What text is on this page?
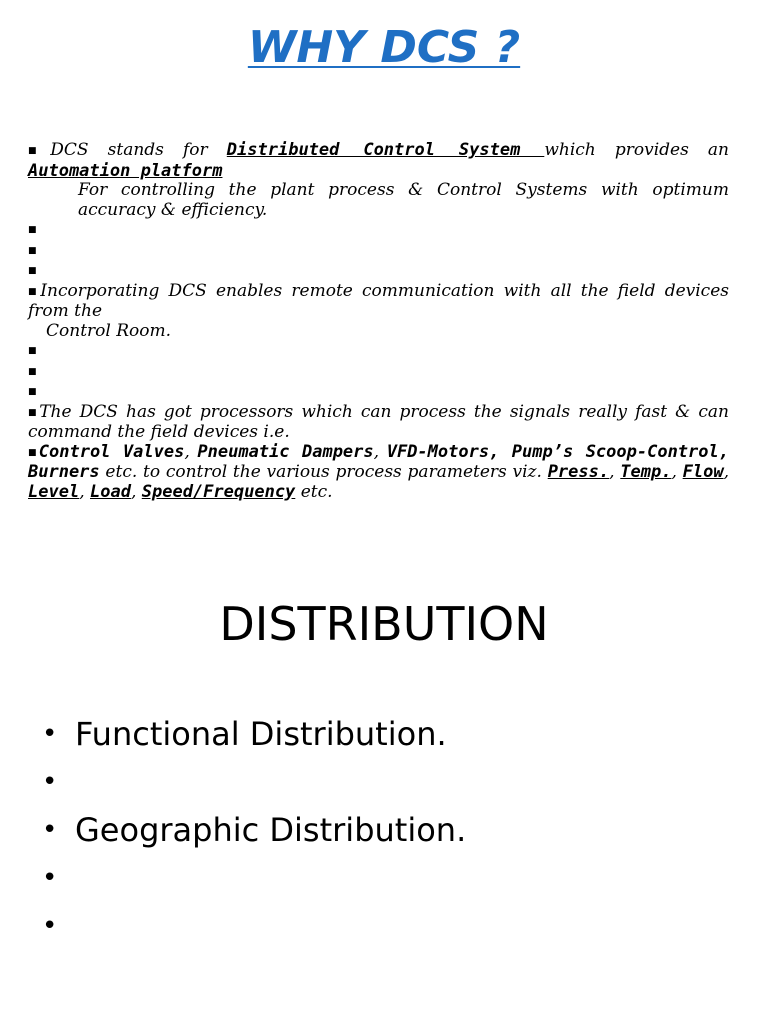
WHY DCS ?

■DCS stands for Distributed Control System which provides an

Automation platform

For controlling the plant process & Control Systems with optimum accuracy & efficiency.

■

■

■

■Incorporating DCS enables remote communication with all the field devices from the

Control Room.

■

■

■

■The DCS has got processors which can process the signals really fast & can command the field devices i.e.

■Control Valves, Pneumatic Dampers, VFD-Motors, Pump’s Scoop-Control, Burners etc. to control the various process parameters viz. Press., Temp., Flow, Level, Load, Speed/Frequency etc.

DISTRIBUTION
• Functional Distribution.
•
• Geographic Distribution.
•
•
